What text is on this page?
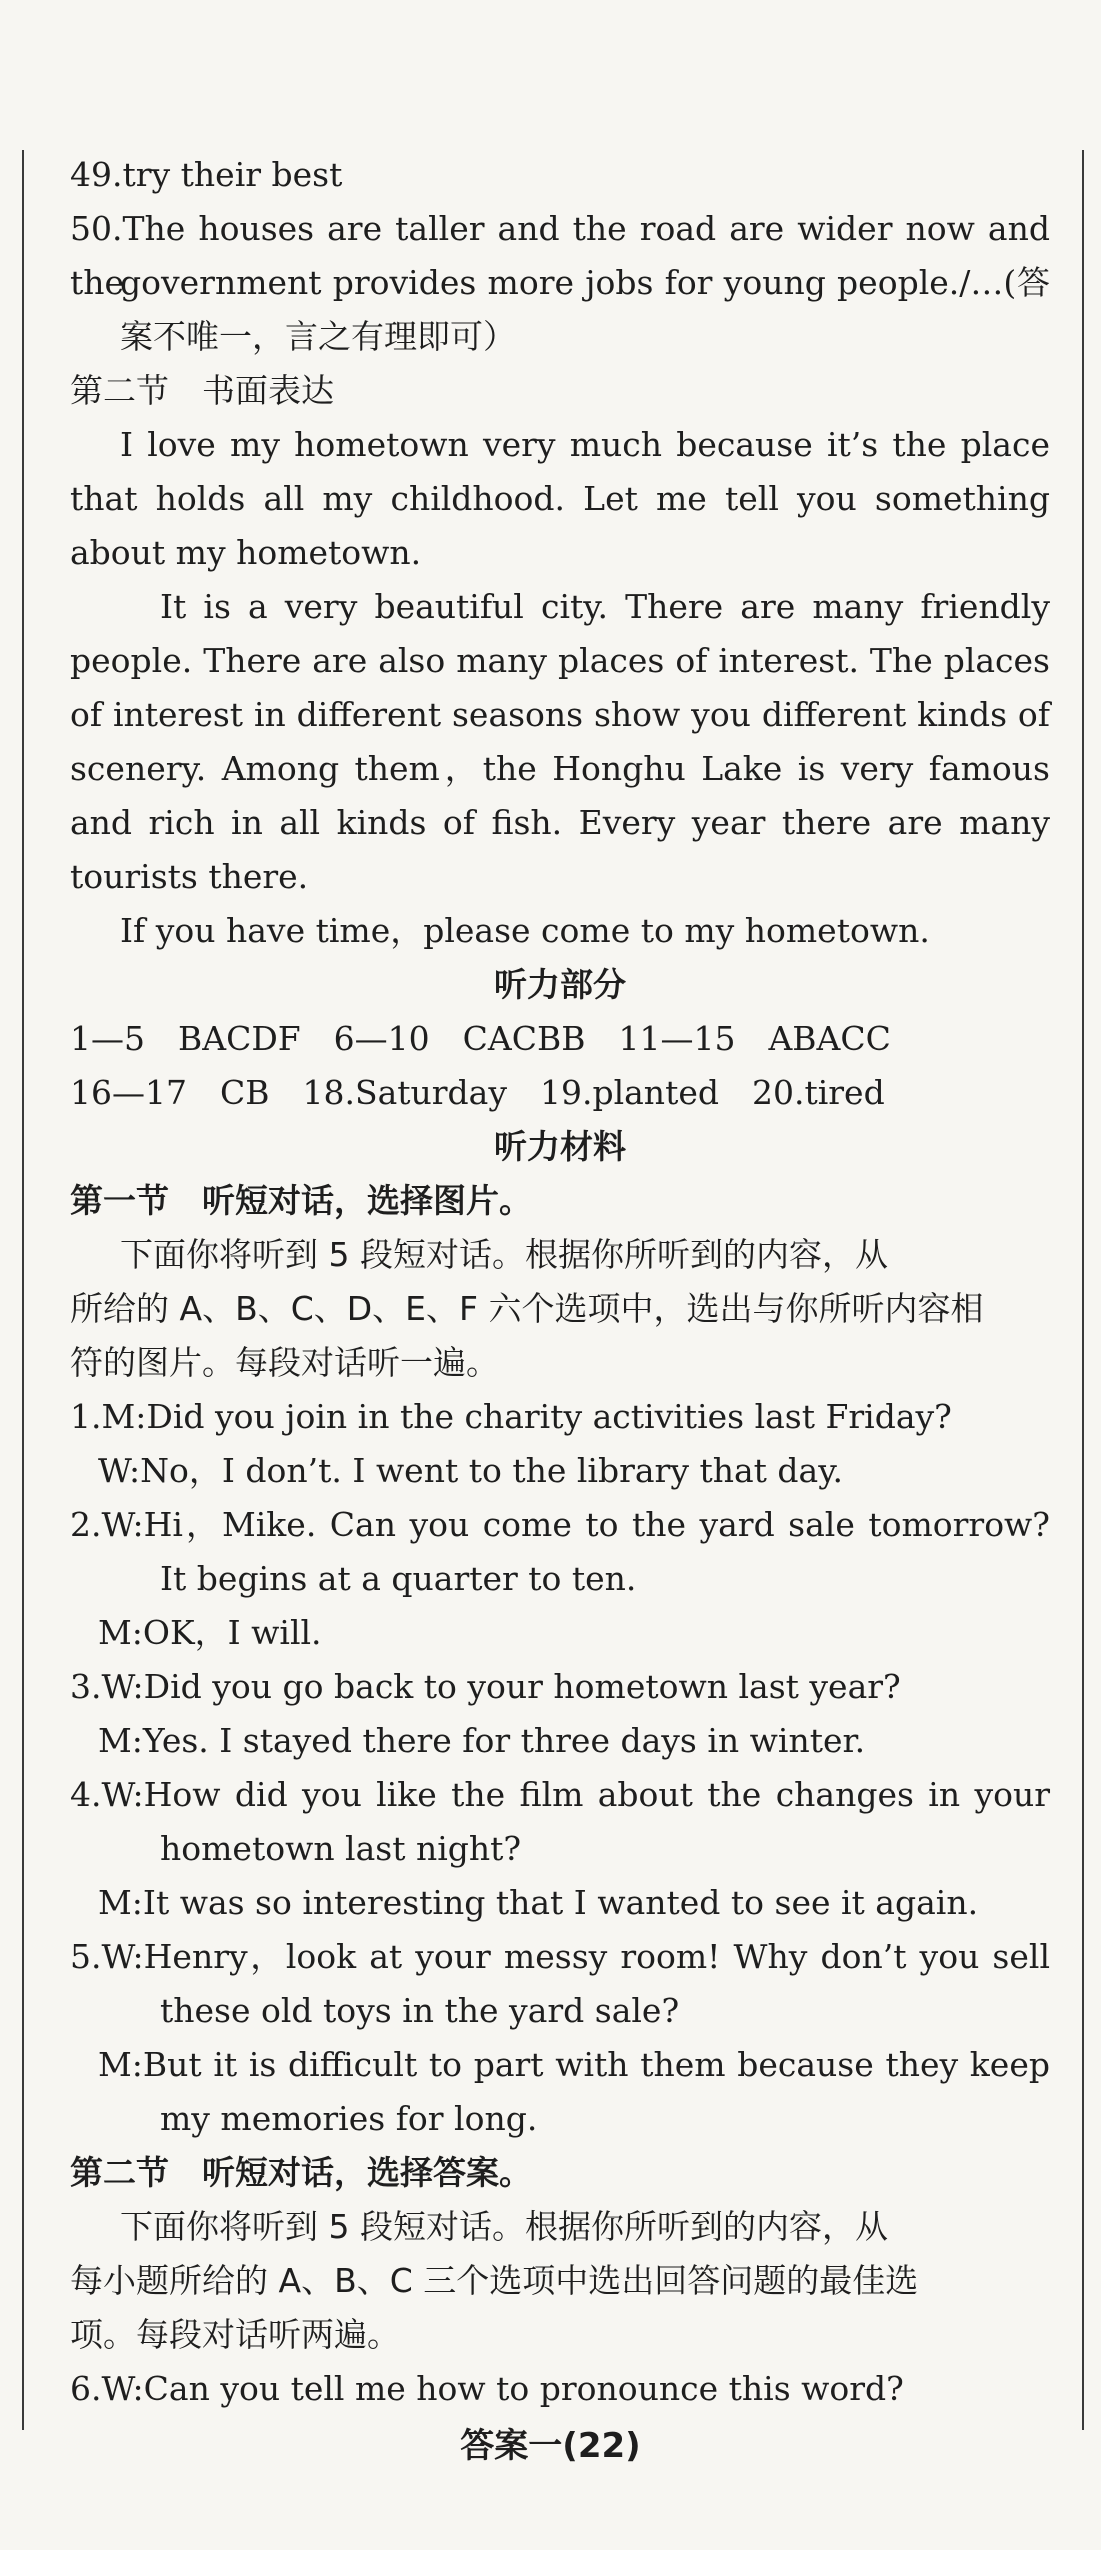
49.try their best
50.The houses are taller and the road are wider now and the
government provides more jobs for young people./…(答
案不唯一，言之有理即可）
第二节　书面表达
I love my hometown very much because it’s the place
that holds all my childhood. Let me tell you something
about my hometown.
It is a very beautiful city. There are many friendly
people. There are also many places of interest. The places
of interest in different seasons show you different kinds of
scenery. Among them，the Honghu Lake is very famous
and rich in all kinds of fish. Every year there are many
tourists there.
If you have time，please come to my hometown.
听力部分
1—5　BACDF　6—10　CACBB　11—15　ABACC
16—17　CB　18.Saturday　19.planted　20.tired
听力材料
第一节　听短对话，选择图片。
下面你将听到 5 段短对话。根据你所听到的内容，从
所给的 A、B、C、D、E、F 六个选项中，选出与你所听内容相
符的图片。每段对话听一遍。
1.M:Did you join in the charity activities last Friday?
W:No，I don’t. I went to the library that day.
2.W:Hi，Mike. Can you come to the yard sale tomorrow?
It begins at a quarter to ten.
M:OK，I will.
3.W:Did you go back to your hometown last year?
M:Yes. I stayed there for three days in winter.
4.W:How did you like the film about the changes in your
hometown last night?
M:It was so interesting that I wanted to see it again.
5.W:Henry，look at your messy room! Why don’t you sell
these old toys in the yard sale?
M:But it is difficult to part with them because they keep
my memories for long.
第二节　听短对话，选择答案。
下面你将听到 5 段短对话。根据你所听到的内容，从
每小题所给的 A、B、C 三个选项中选出回答问题的最佳选
项。每段对话听两遍。
6.W:Can you tell me how to pronounce this word?
答案一(22)
